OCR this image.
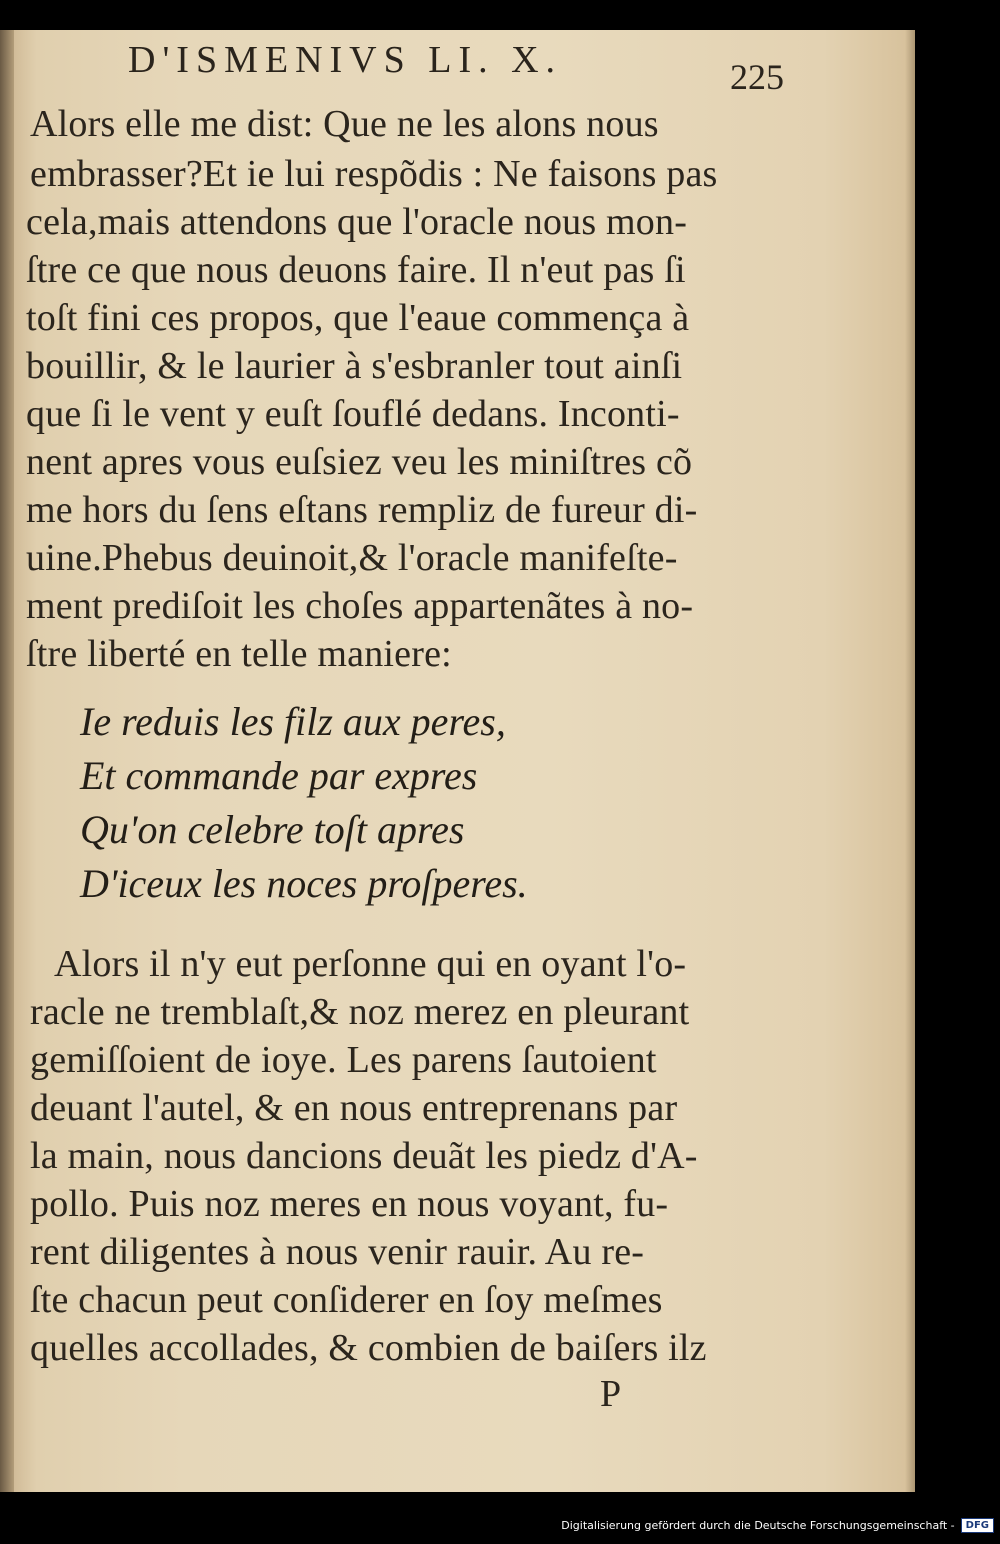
D'ISMENIVS LI. X.	225
Alors elle me dist: Que ne les alons nous
embrasser?Et ie lui respõdis : Ne faisons pas
cela,mais attendons que l'oracle nous mon-
ſtre ce que nous deuons faire. Il n'eut pas ſi
toſt fini ces propos, que l'eaue commença à
bouillir, & le laurier à s'esbranler tout ainſi
que ſi le vent y euſt ſouflé dedans. Inconti-
nent apres vous euſsiez veu les miniſtres cõ
me hors du ſens eſtans rempliz de fureur di-
uine.Phebus deuinoit,& l'oracle manifeſte-
ment prediſoit les choſes appartenãtes à no-
ſtre liberté en telle maniere:
Ie reduis les filz aux peres,
Et commande par expres
Qu'on celebre toſt apres
D'iceux les noces proſperes.
Alors il n'y eut perſonne qui en oyant l'o-
racle ne tremblaſt,& noz merez en pleurant
gemiſſoient de ioye. Les parens ſautoient
deuant l'autel, & en nous entreprenans par
la main, nous dancions deuãt les piedz d'A-
pollo. Puis noz meres en nous voyant, fu-
rent diligentes à nous venir rauir. Au re-
ſte chacun peut conſiderer en ſoy meſmes
quelles accollades, & combien de baiſers ilz
P
Digitalisierung gefördert durch die Deutsche Forschungsgemeinschaft -	DFG
